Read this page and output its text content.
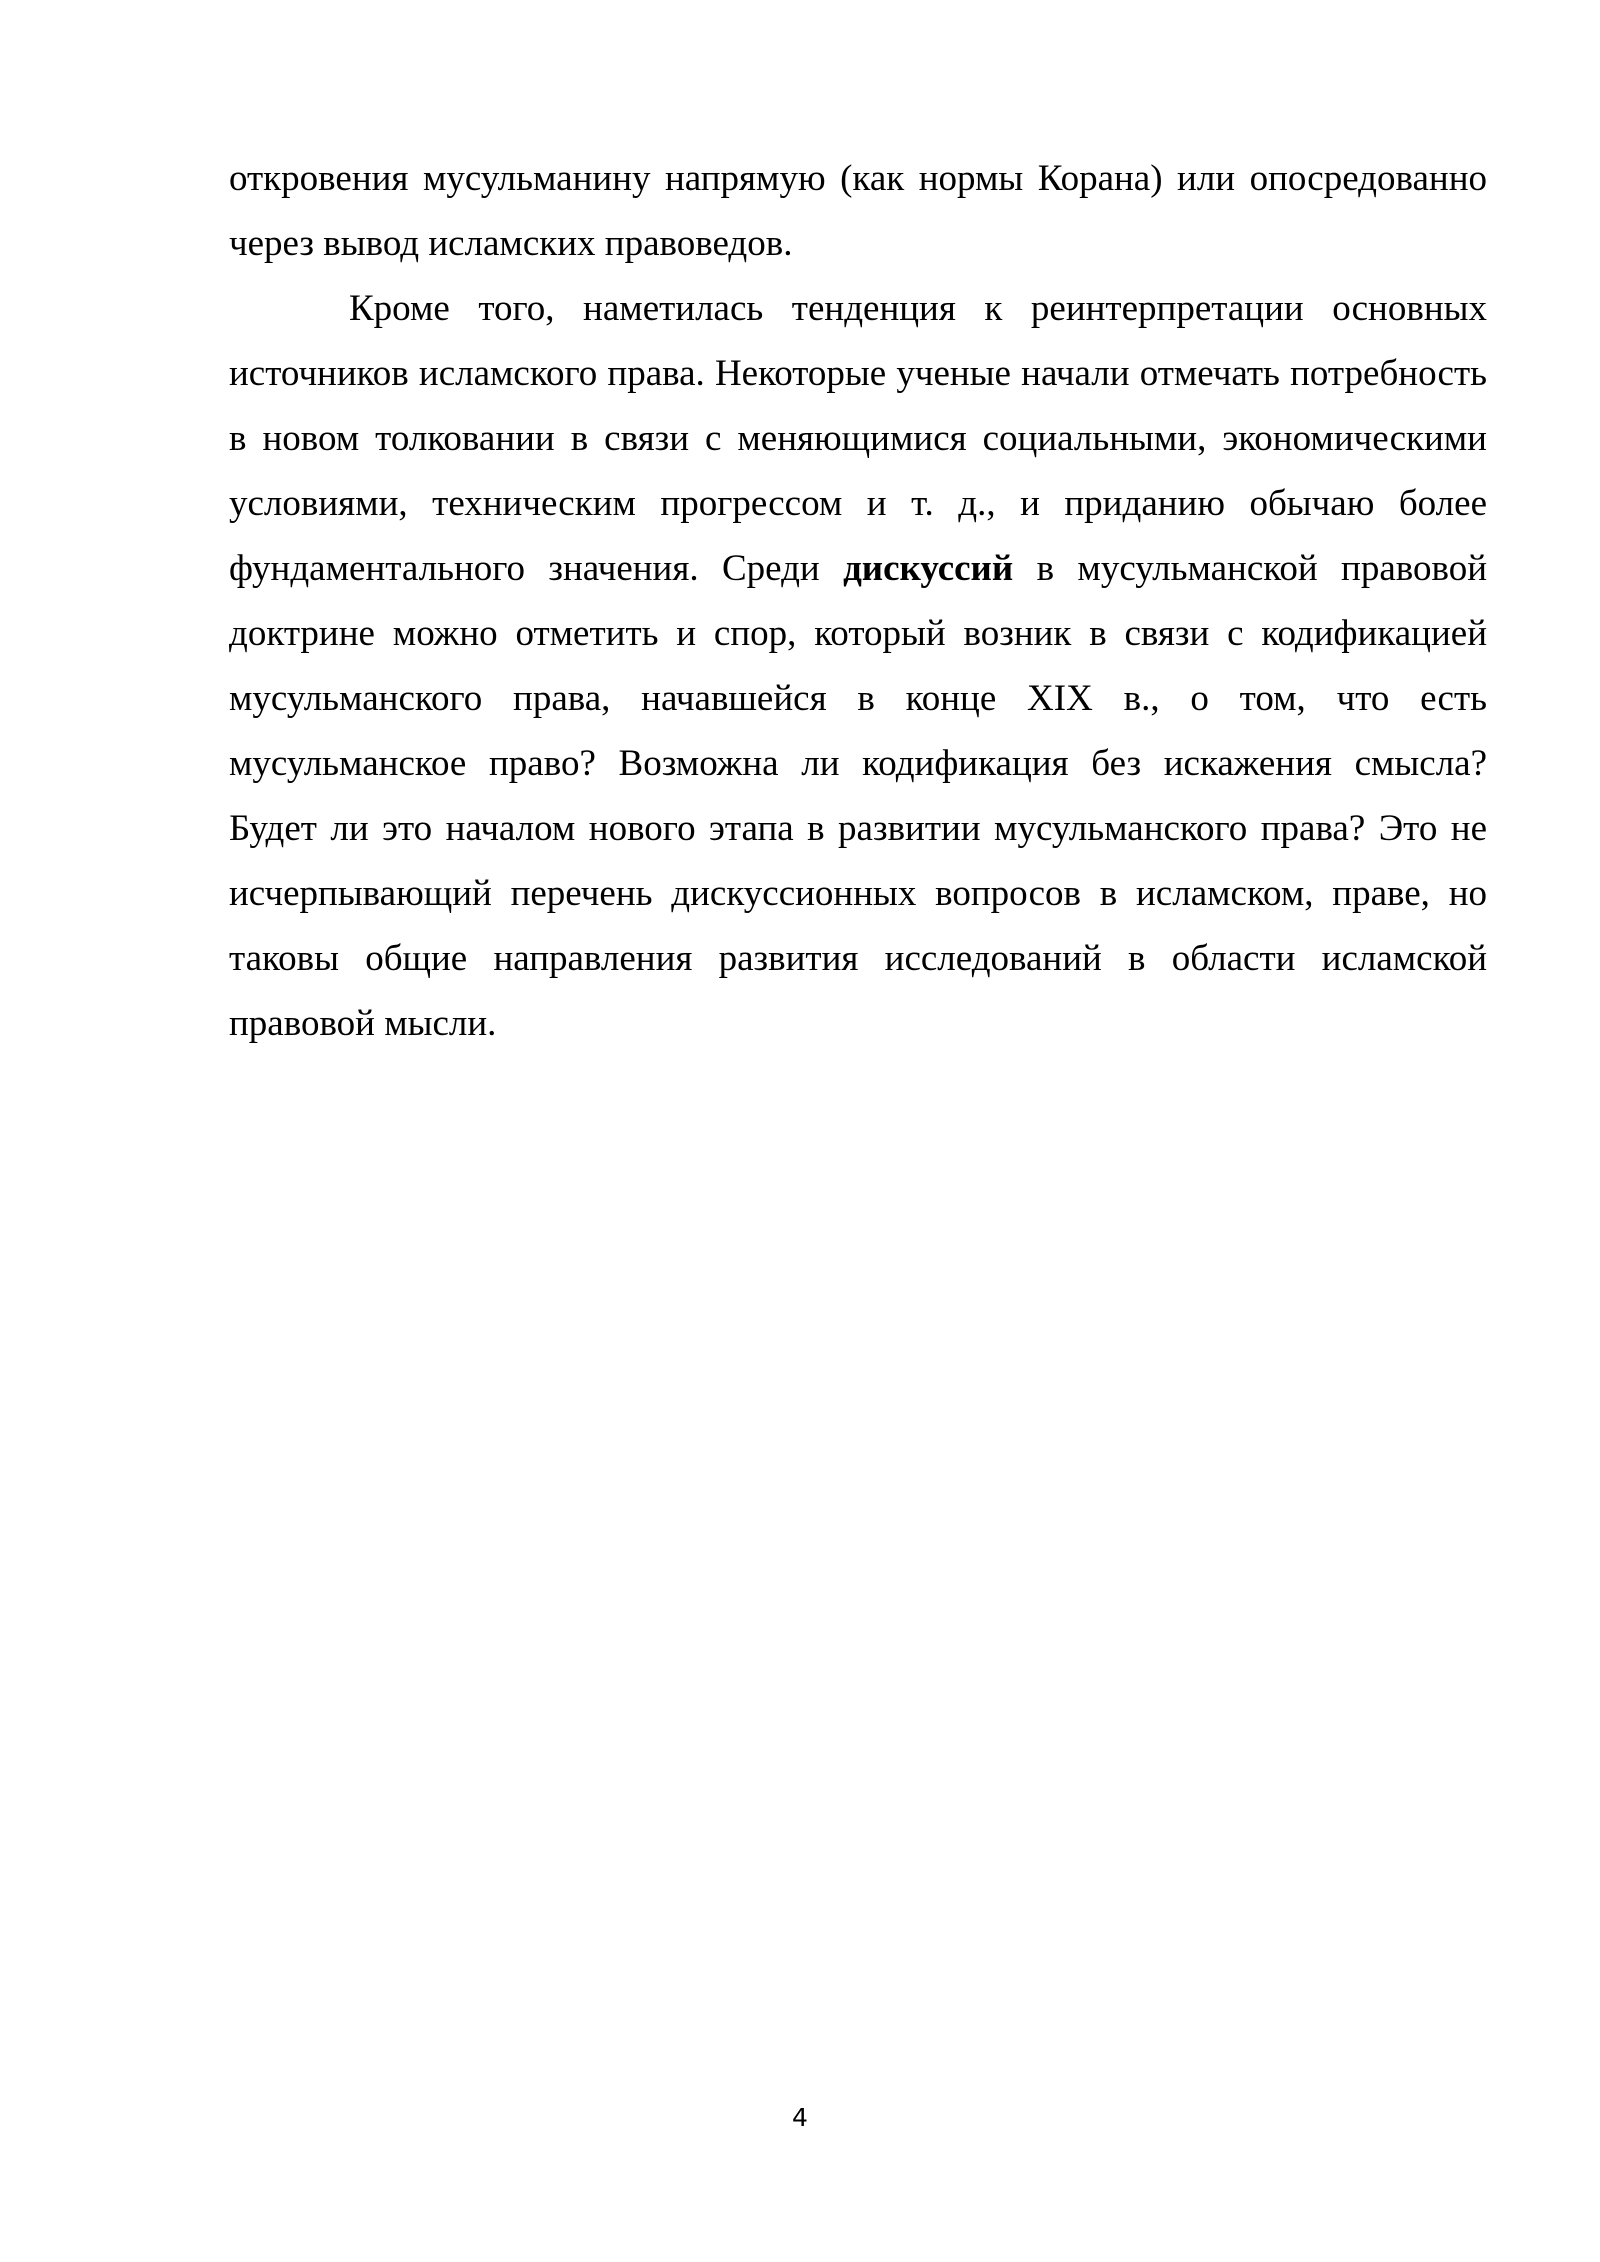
откровения мусульманину напрямую (как нормы Корана) или опосредованно через вывод исламских правоведов.

Кроме того, наметилась тенденция к реинтерпретации основных источников исламского права. Некоторые ученые начали отмечать потребность в новом толковании в связи с меняющимися социальными, экономическими условиями, техническим прогрессом и т. д., и приданию обычаю более фундаментального значения. Среди дискуссий в мусульманской правовой доктрине можно отметить и спор, который возник в связи с кодификацией мусульманского права, начавшейся в конце XIX в., о том, что есть мусульманское право? Возможна ли кодификация без искажения смысла? Будет ли это началом нового этапа в развитии мусульманского права? Это не исчерпывающий перечень дискуссионных вопросов в исламском, праве, но таковы общие направления развития исследований в области исламской правовой мысли.

4
